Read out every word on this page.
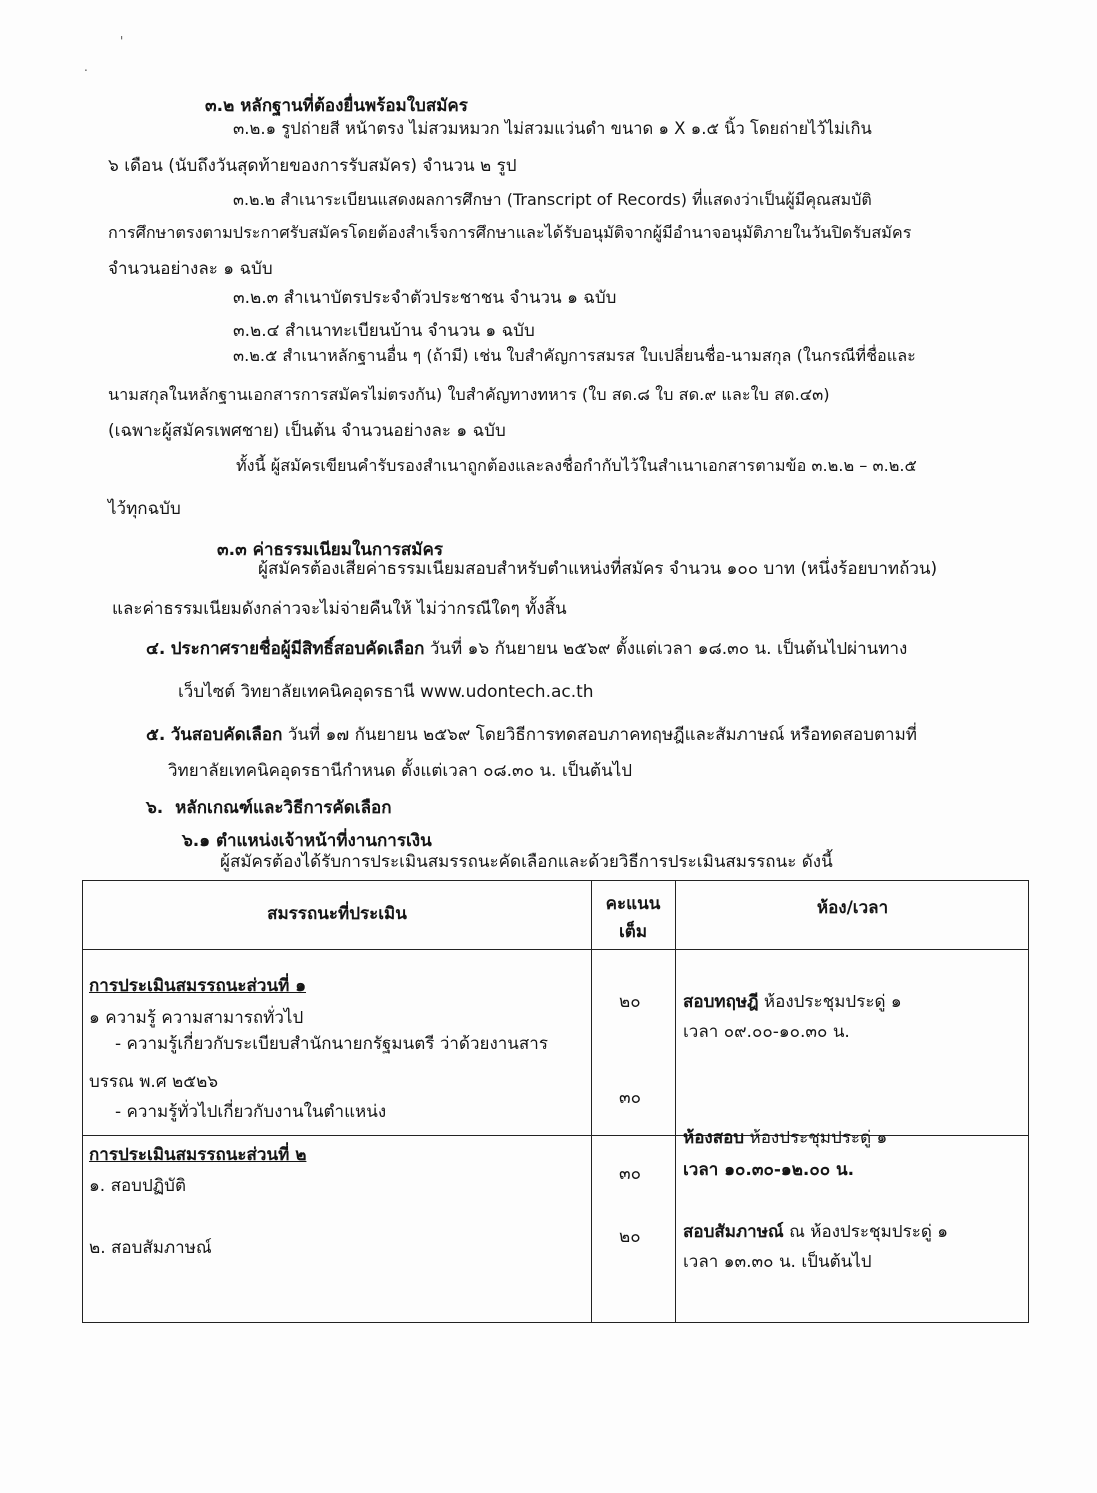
'
.
๓.๒ หลักฐานที่ต้องยื่นพร้อมใบสมัคร
๓.๒.๑ รูปถ่ายสี หน้าตรง ไม่สวมหมวก ไม่สวมแว่นดำ ขนาด ๑ X ๑.๕ นิ้ว โดยถ่ายไว้ไม่เกิน
๖ เดือน (นับถึงวันสุดท้ายของการรับสมัคร) จำนวน ๒ รูป
๓.๒.๒ สำเนาระเบียนแสดงผลการศึกษา (Transcript of Records) ที่แสดงว่าเป็นผู้มีคุณสมบัติ
การศึกษาตรงตามประกาศรับสมัครโดยต้องสำเร็จการศึกษาและได้รับอนุมัติจากผู้มีอำนาจอนุมัติภายในวันปิดรับสมัคร
จำนวนอย่างละ ๑ ฉบับ
๓.๒.๓ สำเนาบัตรประจำตัวประชาชน จำนวน ๑ ฉบับ
๓.๒.๔ สำเนาทะเบียนบ้าน จำนวน ๑ ฉบับ
๓.๒.๕ สำเนาหลักฐานอื่น ๆ (ถ้ามี) เช่น ใบสำคัญการสมรส ใบเปลี่ยนชื่อ-นามสกุล (ในกรณีที่ชื่อและ
นามสกุลในหลักฐานเอกสารการสมัครไม่ตรงกัน) ใบสำคัญทางทหาร (ใบ สด.๘ ใบ สด.๙ และใบ สด.๔๓)
(เฉพาะผู้สมัครเพศชาย) เป็นต้น จำนวนอย่างละ ๑ ฉบับ
ทั้งนี้ ผู้สมัครเขียนคำรับรองสำเนาถูกต้องและลงชื่อกำกับไว้ในสำเนาเอกสารตามข้อ ๓.๒.๒ – ๓.๒.๕
ไว้ทุกฉบับ
๓.๓ ค่าธรรมเนียมในการสมัคร
ผู้สมัครต้องเสียค่าธรรมเนียมสอบสำหรับตำแหน่งที่สมัคร จำนวน ๑๐๐ บาท (หนึ่งร้อยบาทถ้วน)
และค่าธรรมเนียมดังกล่าวจะไม่จ่ายคืนให้ ไม่ว่ากรณีใดๆ ทั้งสิ้น
๔. ประกาศรายชื่อผู้มีสิทธิ์สอบคัดเลือก วันที่ ๑๖ กันยายน ๒๕๖๙ ตั้งแต่เวลา ๑๘.๓๐ น. เป็นต้นไปผ่านทาง
เว็บไซต์ วิทยาลัยเทคนิคอุดรธานี www.udontech.ac.th
๕. วันสอบคัดเลือก วันที่ ๑๗ กันยายน ๒๕๖๙ โดยวิธีการทดสอบภาคทฤษฎีและสัมภาษณ์ หรือทดสอบตามที่
วิทยาลัยเทคนิคอุดรธานีกำหนด ตั้งแต่เวลา ๐๘.๓๐ น. เป็นต้นไป
๖. หลักเกณฑ์และวิธีการคัดเลือก
๖.๑ ตำแหน่งเจ้าหน้าที่งานการเงิน
ผู้สมัครต้องได้รับการประเมินสมรรถนะคัดเลือกและด้วยวิธีการประเมินสมรรถนะ ดังนี้
สมรรถนะที่ประเมิน	คะแนน
เต็ม
ห้อง/เวลา
การประเมินสมรรถนะส่วนที่ ๑
๑ ความรู้ ความสามารถทั่วไป
- ความรู้เกี่ยวกับระเบียบสำนักนายกรัฐมนตรี ว่าด้วยงานสาร
บรรณ พ.ศ ๒๕๒๖
- ความรู้ทั่วไปเกี่ยวกับงานในตำแหน่ง
๒๐
๓๐
สอบทฤษฎี ห้องประชุมประดู่ ๑
เวลา ๐๙.๐๐-๑๐.๓๐ น.
การประเมินสมรรถนะส่วนที่ ๒
๑. สอบปฏิบัติ
๒. สอบสัมภาษณ์
๓๐
๒๐
ห้องสอบ ห้องประชุมประดู่ ๑
เวลา ๑๐.๓๐-๑๒.๐๐ น.
สอบสัมภาษณ์ ณ ห้องประชุมประดู่ ๑
เวลา ๑๓.๓๐ น. เป็นต้นไป
